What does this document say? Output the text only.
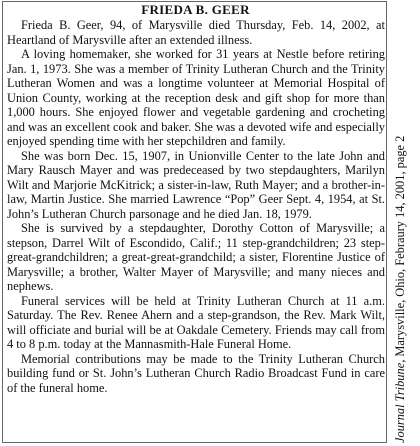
FRIEDA B. GEER

Frieda B. Geer, 94, of Marysville died Thursday, Feb. 14, 2002, at Heartland of Marysville after an extended illness.

A loving homemaker, she worked for 31 years at Nestle before retiring Jan. 1, 1973. She was a member of Trinity Lutheran Church and the Trinity Lutheran Women and was a longtime volunteer at Memorial Hospital of Union County, working at the reception desk and gift shop for more than 1,000 hours. She enjoyed flower and vegetable gardening and crocheting and was an excellent cook and baker. She was a devoted wife and especially enjoyed spending time with her stepchildren and family.

She was born Dec. 15, 1907, in Unionville Center to the late John and Mary Rausch Mayer and was predeceased by two stepdaughters, Marilyn Wilt and Marjorie McKitrick; a sister-in-law, Ruth Mayer; and a brother-in-law, Martin Justice. She married Lawrence “Pop” Geer Sept. 4, 1954, at St. John’s Lutheran Church parsonage and he died Jan. 18, 1979.

She is survived by a stepdaughter, Dorothy Cotton of Marysville; a stepson, Darrel Wilt of Escondido, Calif.; 11 step-grandchildren; 23 step-great-grandchildren; a great-great-grandchild; a sister, Florentine Justice of Marysville; a brother, Walter Mayer of Marysville; and many nieces and nephews.

Funeral services will be held at Trinity Lutheran Church at 11 a.m. Saturday. The Rev. Renee Ahern and a step-grandson, the Rev. Mark Wilt, will officiate and burial will be at Oakdale Cemetery. Friends may call from 4 to 8 p.m. today at the Mannasmith-Hale Funeral Home.

Memorial contributions may be made to the Trinity Lutheran Church building fund or St. John’s Lutheran Church Radio Broadcast Fund in care of the funeral home.	Journal Tribune, Marysville, Ohio, Febraury 14, 2001, page 2
